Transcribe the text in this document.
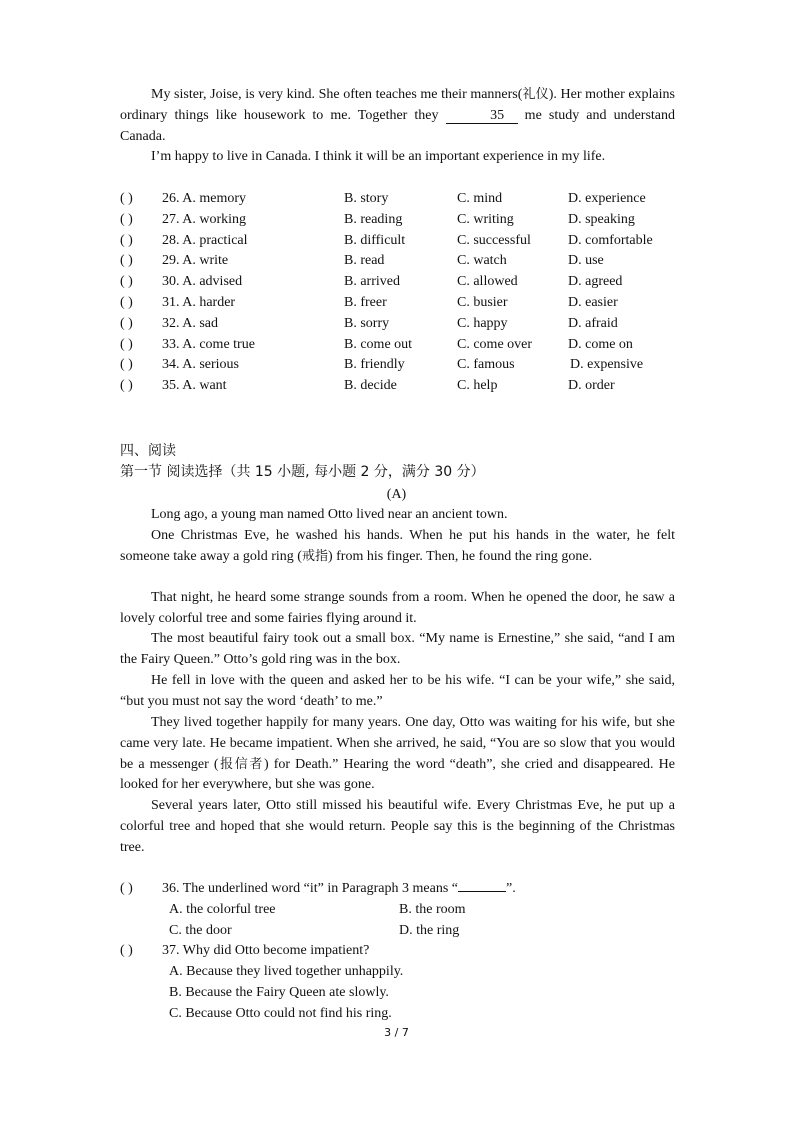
My sister, Joise, is very kind. She often teaches me their manners(礼仪). Her mother explains ordinary things like housework to me. Together they	35 me study and understand Canada.

I’m happy to live in Canada. I think it will be an important experience in my life.

( ) 26. A. memory	B. story	C. mind	D. experience
( ) 27. A. working	B. reading	C. writing	D. speaking
( ) 28. A. practical	B. difficult	C. successful	D. comfortable
( ) 29. A. write	B. read	C. watch	D. use
( ) 30. A. advised	B. arrived	C. allowed	D. agreed
( ) 31. A. harder	B. freer	C. busier	D. easier
( ) 32. A. sad	B. sorry	C. happy	D. afraid
( ) 33. A. come true	B. come out	C. come over	D. come on
( ) 34. A. serious	B. friendly	C. famous	D. expensive
( ) 35. A. want	B. decide	C. help	D. order
四、阅读
第一节 阅读选择（共 15 小题, 每小题 2 分，满分 30 分）
(A)

Long ago, a young man named Otto lived near an ancient town.

One Christmas Eve, he washed his hands. When he put his hands in the water, he felt someone take away a gold ring (戒指) from his finger. Then, he found the ring gone.

That night, he heard some strange sounds from a room. When he opened the door, he saw a lovely colorful tree and some fairies flying around it.

The most beautiful fairy took out a small box. “My name is Ernestine,” she said, “and I am the Fairy Queen.” Otto’s gold ring was in the box.

He fell in love with the queen and asked her to be his wife. “I can be your wife,” she said, “but you must not say the word ‘death’ to me.”

They lived together happily for many years. One day, Otto was waiting for his wife, but she came very late. He became impatient. When she arrived, he said, “You are so slow that you would be a messenger (报信者) for Death.” Hearing the word “death”, she cried and disappeared. He looked for her everywhere, but she was gone.

Several years later, Otto still missed his beautiful wife. Every Christmas Eve, he put up a colorful tree and hoped that she would return. People say this is the beginning of the Christmas tree.

( ) 36. The underlined word “it” in Paragraph 3 means “	”.
A. the colorful tree	B. the room
C. the door	D. the ring
( ) 37. Why did Otto become impatient?
A. Because they lived together unhappily.
B. Because the Fairy Queen ate slowly.
C. Because Otto could not find his ring.
3 / 7
